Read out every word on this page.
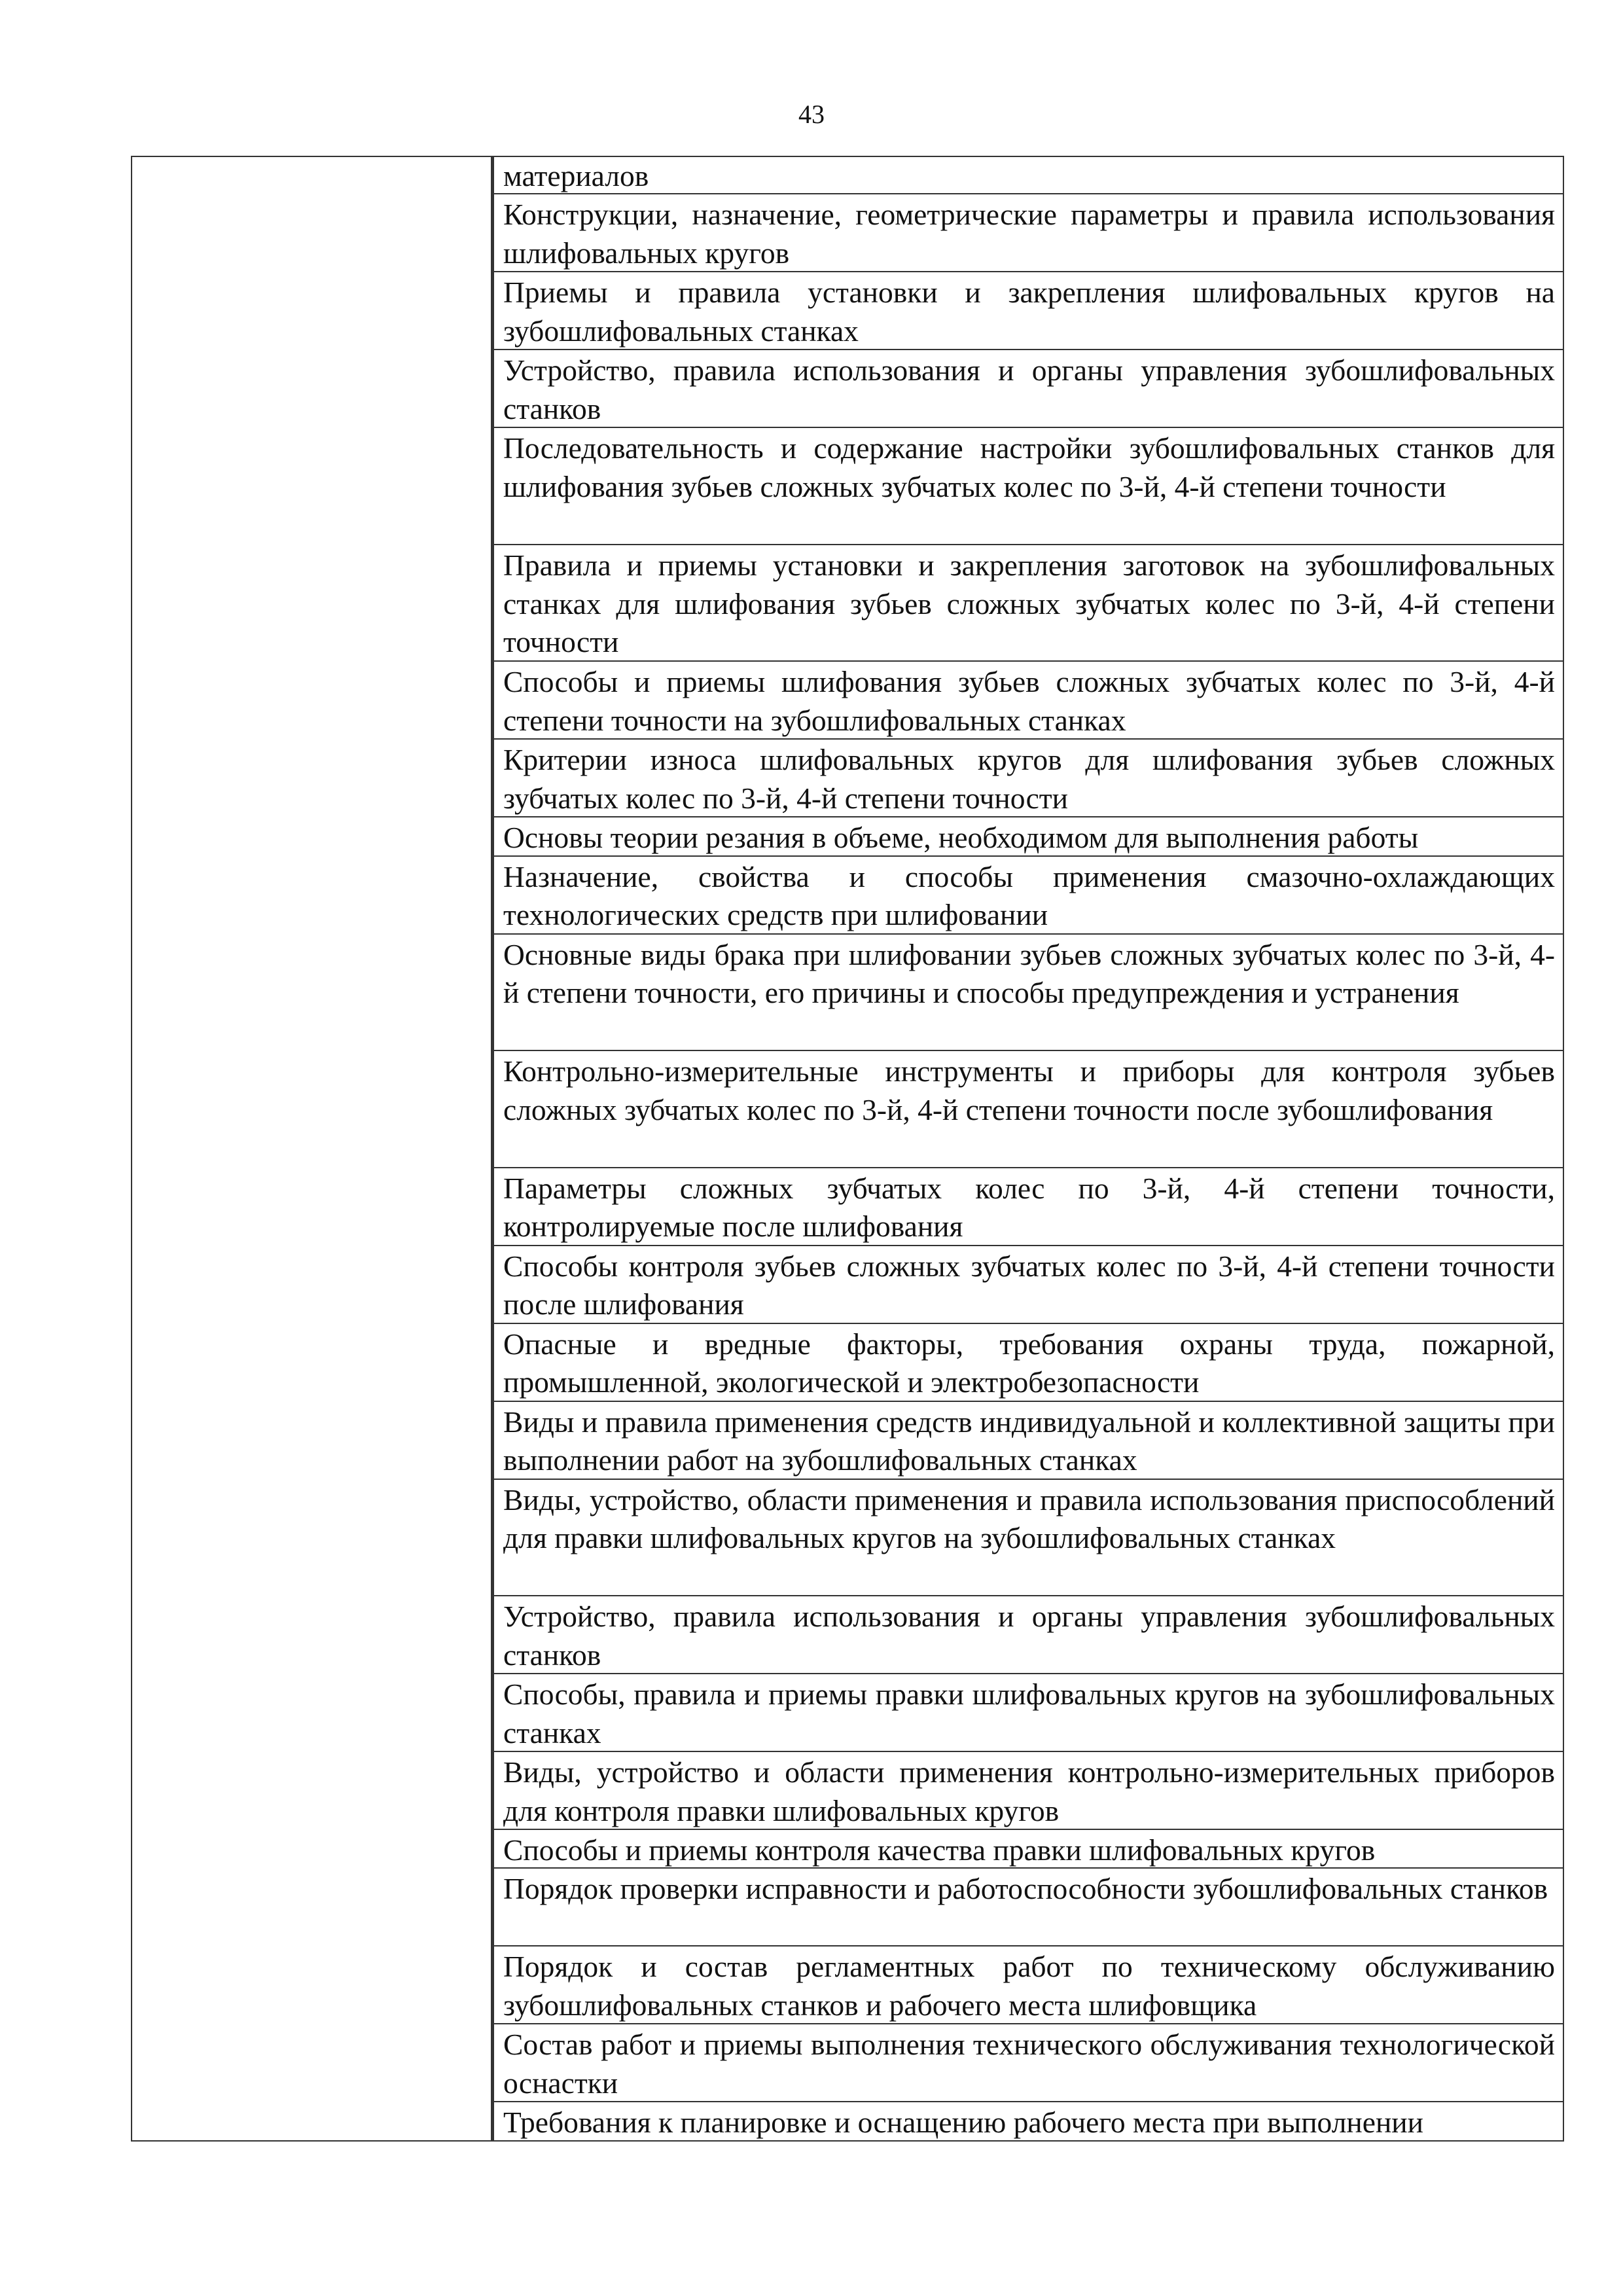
43
материалов
Конструкции, назначение, геометрические параметры и правила использования шлифовальных кругов
Приемы и правила установки и закрепления шлифовальных кругов на зубошлифовальных станках
Устройство, правила использования и органы управления зубошлифовальных станков
Последовательность и содержание настройки зубошлифовальных станков для шлифования зубьев сложных зубчатых колес по 3-й, 4-й степени точности
Правила и приемы установки и закрепления заготовок на зубошлифовальных станках для шлифования зубьев сложных зубчатых колес по 3-й, 4-й степени точности
Способы и приемы шлифования зубьев сложных зубчатых колес по 3-й, 4-й степени точности на зубошлифовальных станках
Критерии износа шлифовальных кругов для шлифования зубьев сложных зубчатых колес по 3-й, 4-й степени точности
Основы теории резания в объеме, необходимом для выполнения работы
Назначение, свойства и способы применения смазочно-охлаждающих технологических средств при шлифовании
Основные виды брака при шлифовании зубьев сложных зубчатых колес по 3-й, 4-й степени точности, его причины и способы предупреждения и устранения
Контрольно-измерительные инструменты и приборы для контроля зубьев сложных зубчатых колес по 3-й, 4-й степени точности после зубошлифования
Параметры сложных зубчатых колес по 3-й, 4-й степени точности, контролируемые после шлифования
Способы контроля зубьев сложных зубчатых колес по 3-й, 4-й степени точности после шлифования
Опасные и вредные факторы, требования охраны труда, пожарной, промышленной, экологической и электробезопасности
Виды и правила применения средств индивидуальной и коллективной защиты при выполнении работ на зубошлифовальных станках
Виды, устройство, области применения и правила использования приспособлений для правки шлифовальных кругов на зубошлифовальных станках
Устройство, правила использования и органы управления зубошлифовальных станков
Способы, правила и приемы правки шлифовальных кругов на зубошлифовальных станках
Виды, устройство и области применения контрольно-измерительных приборов для контроля правки шлифовальных кругов
Способы и приемы контроля качества правки шлифовальных кругов
Порядок проверки исправности и работоспособности зубошлифовальных станков
Порядок и состав регламентных работ по техническому обслуживанию зубошлифовальных станков и рабочего места шлифовщика
Состав работ и приемы выполнения технического обслуживания технологической оснастки
Требования к планировке и оснащению рабочего места при выполнении
